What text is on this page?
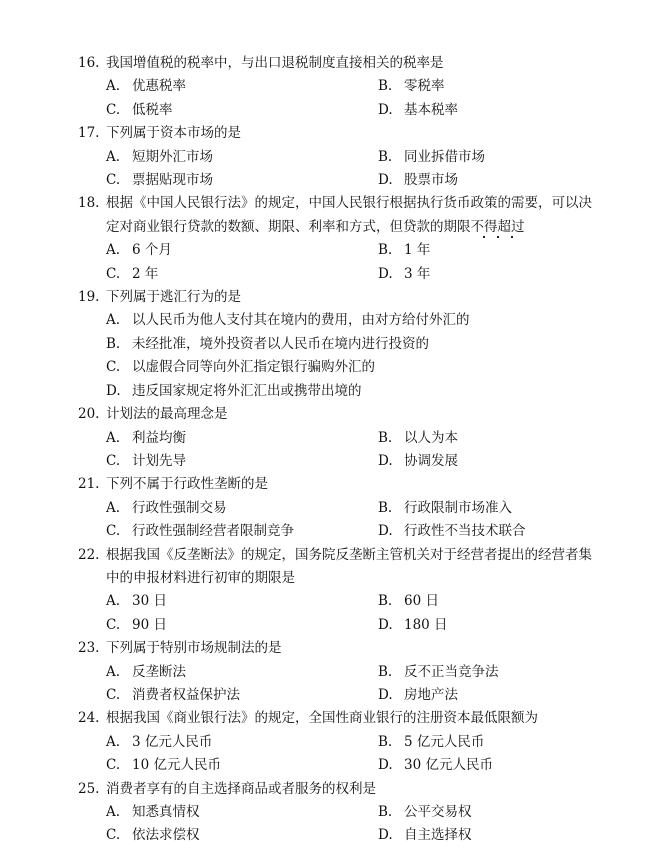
16. 我国增值税的税率中，与出口退税制度直接相关的税率是
A. 优惠税率	B. 零税率
C. 低税率	D. 基本税率
17. 下列属于资本市场的是
A. 短期外汇市场	B. 同业拆借市场
C. 票据贴现市场	D. 股票市场
18. 根据《中国人民银行法》的规定，中国人民银行根据执行货币政策的需要，可以决
定对商业银行贷款的数额、期限、利率和方式，但贷款的期限不得超过
A. 6 个月	B. 1 年
C. 2 年	D. 3 年
19. 下列属于逃汇行为的是
A. 以人民币为他人支付其在境内的费用，由对方给付外汇的
B. 未经批准，境外投资者以人民币在境内进行投资的
C. 以虚假合同等向外汇指定银行骗购外汇的
D. 违反国家规定将外汇汇出或携带出境的
20. 计划法的最高理念是
A. 利益均衡	B. 以人为本
C. 计划先导	D. 协调发展
21. 下列不属于行政性垄断的是
A. 行政性强制交易	B. 行政限制市场准入
C. 行政性强制经营者限制竞争	D. 行政性不当技术联合
22. 根据我国《反垄断法》的规定，国务院反垄断主管机关对于经营者提出的经营者集
中的申报材料进行初审的期限是
A. 30 日	B. 60 日
C. 90 日	D. 180 日
23. 下列属于特别市场规制法的是
A. 反垄断法	B. 反不正当竞争法
C. 消费者权益保护法	D. 房地产法
24. 根据我国《商业银行法》的规定，全国性商业银行的注册资本最低限额为
A. 3 亿元人民币	B. 5 亿元人民币
C. 10 亿元人民币	D. 30 亿元人民币
25. 消费者享有的自主选择商品或者服务的权利是
A. 知悉真情权	B. 公平交易权
C. 依法求偿权	D. 自主选择权
